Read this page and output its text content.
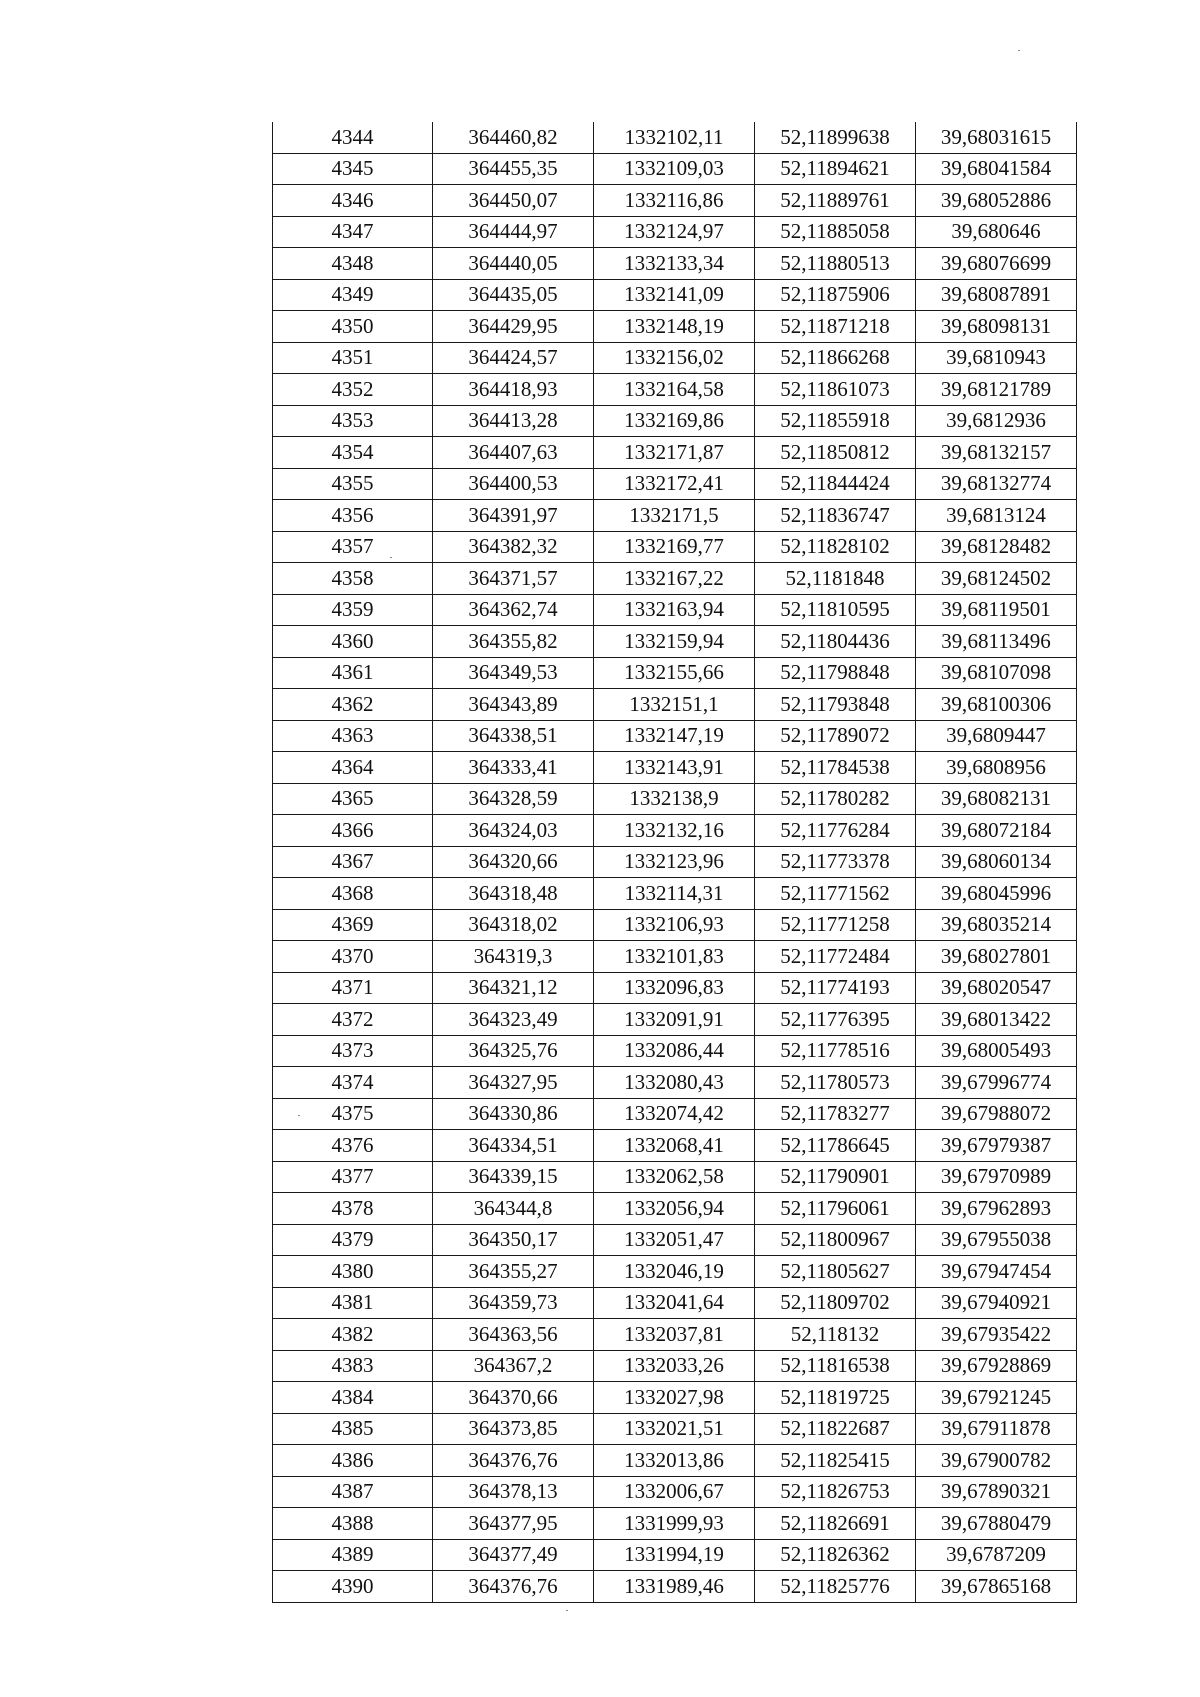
4344	364460,82	1332102,11	52,11899638	39,68031615
4345	364455,35	1332109,03	52,11894621	39,68041584
4346	364450,07	1332116,86	52,11889761	39,68052886
4347	364444,97	1332124,97	52,11885058	39,680646
4348	364440,05	1332133,34	52,11880513	39,68076699
4349	364435,05	1332141,09	52,11875906	39,68087891
4350	364429,95	1332148,19	52,11871218	39,68098131
4351	364424,57	1332156,02	52,11866268	39,6810943
4352	364418,93	1332164,58	52,11861073	39,68121789
4353	364413,28	1332169,86	52,11855918	39,6812936
4354	364407,63	1332171,87	52,11850812	39,68132157
4355	364400,53	1332172,41	52,11844424	39,68132774
4356	364391,97	1332171,5	52,11836747	39,6813124
4357	364382,32	1332169,77	52,11828102	39,68128482
4358	364371,57	1332167,22	52,1181848	39,68124502
4359	364362,74	1332163,94	52,11810595	39,68119501
4360	364355,82	1332159,94	52,11804436	39,68113496
4361	364349,53	1332155,66	52,11798848	39,68107098
4362	364343,89	1332151,1	52,11793848	39,68100306
4363	364338,51	1332147,19	52,11789072	39,6809447
4364	364333,41	1332143,91	52,11784538	39,6808956
4365	364328,59	1332138,9	52,11780282	39,68082131
4366	364324,03	1332132,16	52,11776284	39,68072184
4367	364320,66	1332123,96	52,11773378	39,68060134
4368	364318,48	1332114,31	52,11771562	39,68045996
4369	364318,02	1332106,93	52,11771258	39,68035214
4370	364319,3	1332101,83	52,11772484	39,68027801
4371	364321,12	1332096,83	52,11774193	39,68020547
4372	364323,49	1332091,91	52,11776395	39,68013422
4373	364325,76	1332086,44	52,11778516	39,68005493
4374	364327,95	1332080,43	52,11780573	39,67996774
4375	364330,86	1332074,42	52,11783277	39,67988072
4376	364334,51	1332068,41	52,11786645	39,67979387
4377	364339,15	1332062,58	52,11790901	39,67970989
4378	364344,8	1332056,94	52,11796061	39,67962893
4379	364350,17	1332051,47	52,11800967	39,67955038
4380	364355,27	1332046,19	52,11805627	39,67947454
4381	364359,73	1332041,64	52,11809702	39,67940921
4382	364363,56	1332037,81	52,118132	39,67935422
4383	364367,2	1332033,26	52,11816538	39,67928869
4384	364370,66	1332027,98	52,11819725	39,67921245
4385	364373,85	1332021,51	52,11822687	39,67911878
4386	364376,76	1332013,86	52,11825415	39,67900782
4387	364378,13	1332006,67	52,11826753	39,67890321
4388	364377,95	1331999,93	52,11826691	39,67880479
4389	364377,49	1331994,19	52,11826362	39,6787209
4390	364376,76	1331989,46	52,11825776	39,67865168
